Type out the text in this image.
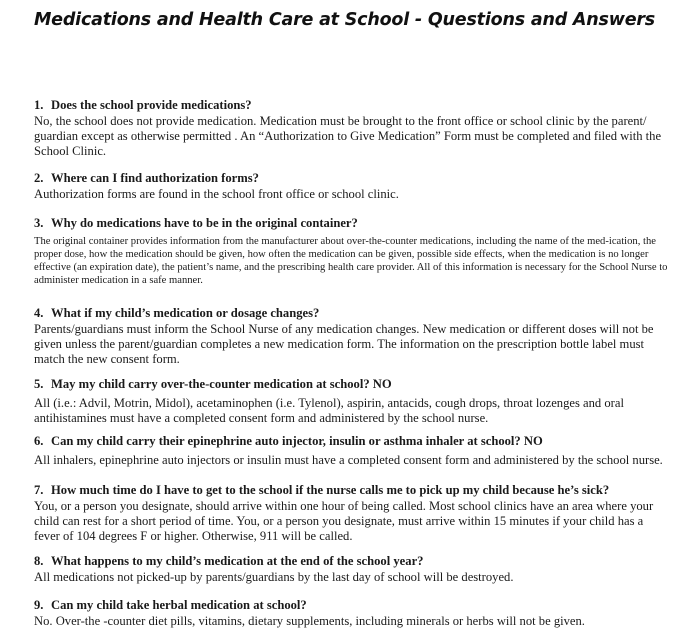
Medications and Health Care at School - Questions and Answers
1. Does the school provide medications?
No, the school does not provide medication. Medication must be brought to the front office or school clinic by the parent/ guardian except as otherwise permitted . An “Authorization to Give Medication” Form must be completed and filed with the School Clinic.
2. Where can I find authorization forms?
Authorization forms are found in the school front office or school clinic.
3. Why do medications have to be in the original container?
The original container provides information from the manufacturer about over-the-counter medications, including the name of the med-ication, the proper dose, how the medication should be given, how often the medication can be given, possible side effects, when the medication is no longer effective (an expiration date), the patient’s name, and the prescribing health care provider. All of this information is necessary for the School Nurse to administer medication in a safe manner.
4. What if my child’s medication or dosage changes?
Parents/guardians must inform the School Nurse of any medication changes. New medication or different doses will not be given unless the parent/guardian completes a new medication form. The information on the prescription bottle label must match the new consent form.
5. May my child carry over-the-counter medication at school? NO
All (i.e.: Advil, Motrin, Midol), acetaminophen (i.e. Tylenol), aspirin, antacids, cough drops, throat lozenges and oral antihistamines must have a completed consent form and administered by the school nurse.
6. Can my child carry their epinephrine auto injector, insulin or asthma inhaler at school? NO
All inhalers, epinephrine auto injectors or insulin must have a completed consent form and administered by the school nurse.
7. How much time do I have to get to the school if the nurse calls me to pick up my child because he’s sick?
You, or a person you designate, should arrive within one hour of being called. Most school clinics have an area where your child can rest for a short period of time. You, or a person you designate, must arrive within 15 minutes if your child has a fever of 104 degrees F or higher. Otherwise, 911 will be called.
8. What happens to my child’s medication at the end of the school year?
All medications not picked-up by parents/guardians by the last day of school will be destroyed.
9. Can my child take herbal medication at school?
No. Over-the -counter diet pills, vitamins, dietary supplements, including minerals or herbs will not be given.
